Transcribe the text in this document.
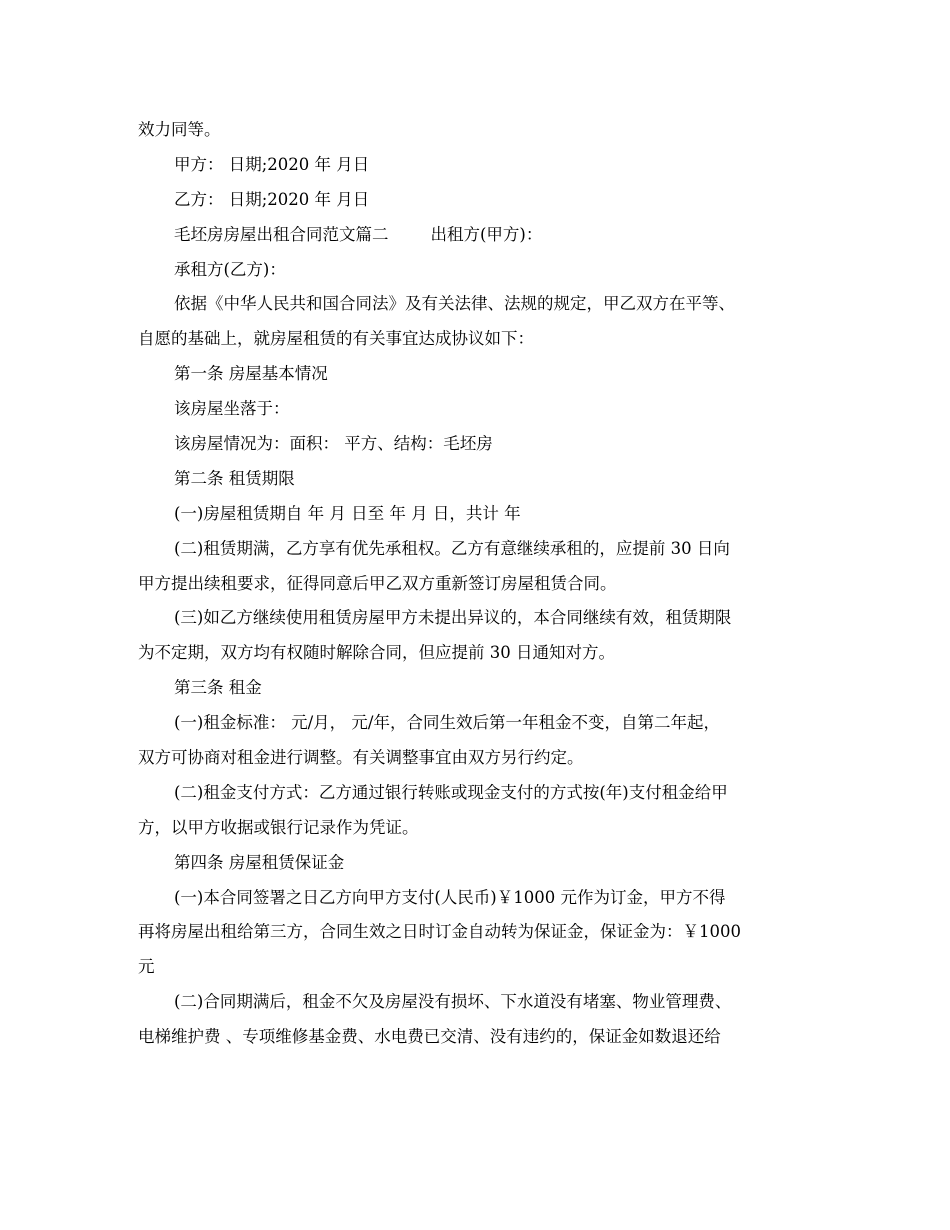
效力同等。
甲方： 日期;2020 年 月日
乙方： 日期;2020 年 月日
毛坯房房屋出租合同范文篇二        出租方(甲方)：
承租方(乙方)：
依据《中华人民共和国合同法》及有关法律、法规的规定，甲乙双方在平等、
自愿的基础上，就房屋租赁的有关事宜达成协议如下：
第一条 房屋基本情况
该房屋坐落于：
该房屋情况为：面积： 平方、结构：毛坯房
第二条 租赁期限
(一)房屋租赁期自 年 月 日至 年 月 日，共计 年
(二)租赁期满，乙方享有优先承租权。乙方有意继续承租的，应提前 30 日向
甲方提出续租要求，征得同意后甲乙双方重新签订房屋租赁合同。
(三)如乙方继续使用租赁房屋甲方未提出异议的，本合同继续有效，租赁期限
为不定期，双方均有权随时解除合同，但应提前 30 日通知对方。
第三条 租金
(一)租金标准： 元/月， 元/年，合同生效后第一年租金不变，自第二年起，
双方可协商对租金进行调整。有关调整事宜由双方另行约定。
(二)租金支付方式：乙方通过银行转账或现金支付的方式按(年)支付租金给甲
方，以甲方收据或银行记录作为凭证。
第四条 房屋租赁保证金
(一)本合同签署之日乙方向甲方支付(人民币)￥1000 元作为订金，甲方不得
再将房屋出租给第三方，合同生效之日时订金自动转为保证金，保证金为：￥1000
元
(二)合同期满后，租金不欠及房屋没有损坏、下水道没有堵塞、物业管理费、
电梯维护费 、专项维修基金费、水电费已交清、没有违约的，保证金如数退还给
